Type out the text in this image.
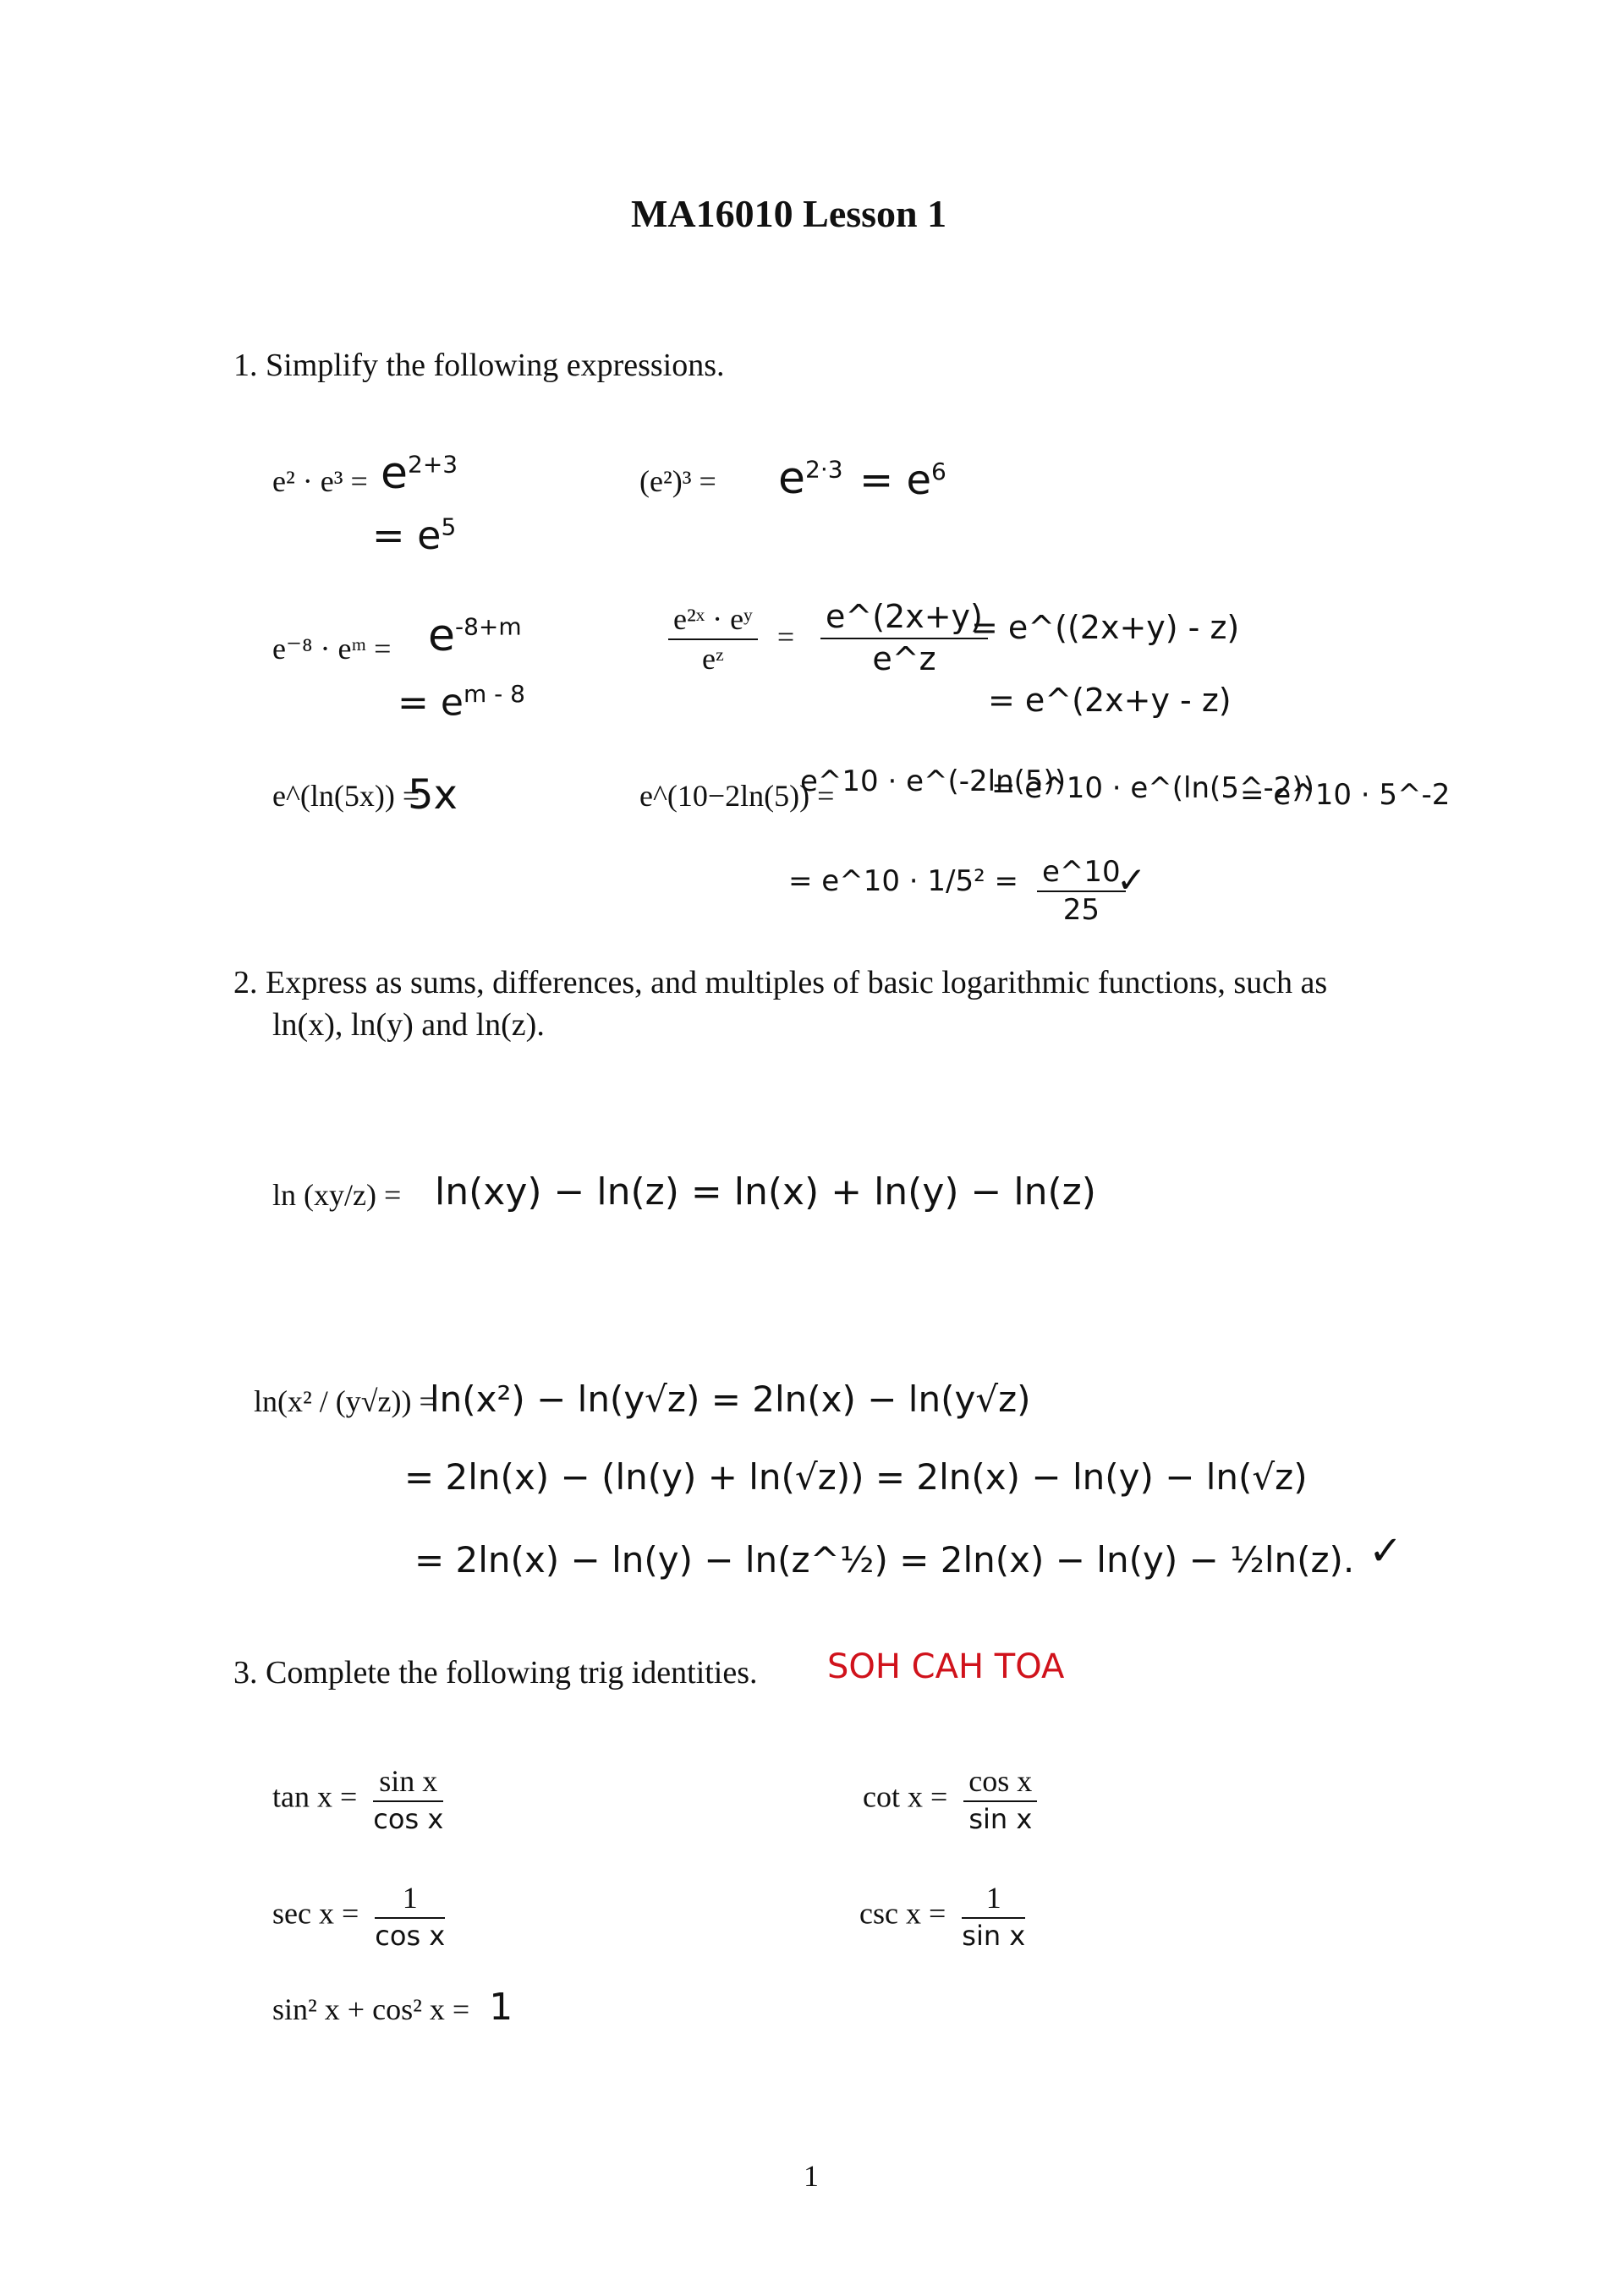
MA16010 Lesson 1
1. Simplify the following expressions.
$e^2 \cdot e^3 = e^{2+3}$
= $e^5$
$(e^2)^3 = e^{2\cdot 3} = e^6$
e⁻⁸ · eᵐ = $e^{-8+m}$
= $e^{m - 8}$
$\frac{\text{e²ˣ · eʸ}}{\text{eᶻ}} = \frac{e\^{}(2x+y)}{e\^{}z}$
= e^((2x+y) - z)
= e^(2x+y - z)
e^(ln(5x)) =
5x	e^(10−2ln(5)) =
e^10 · e^(-2ln(5))
= e^10 · e^(ln(5^-2))
= e^10 · 5^-2
= e^10 · $1/5^2 = \frac{e\^{}10}{25}$
✓
2. Express as sums, differences, and multiples of basic logarithmic functions, such as
ln(x), ln(y) and ln(z).
ln (xy/z) = ln(xy) − ln(z) = ln(x) + ln(y) − ln(z)
ln(x² / (y√z)) =
ln(x²) − ln(y√z) = 2ln(x) − ln(y√z)
= 2ln(x) − (ln(y) + ln(√z)) = 2ln(x) − ln(y) − ln(√z)
= 2ln(x) − ln(y) − ln(z^½) = 2ln(x) − ln(y) − ½ln(z). ✓
3. Complete the following trig identities. SOH CAH TOA
$\tan x = \frac{\text{sin x}}{\text{cos x}}$	$\cot x = \frac{\text{cos x}}{\text{sin x}}$
$\sec x = \frac{1}{\text{cos x}}$	$\csc x = \frac{1}{\text{sin x}}$
sin² x + cos² x = 1
1
